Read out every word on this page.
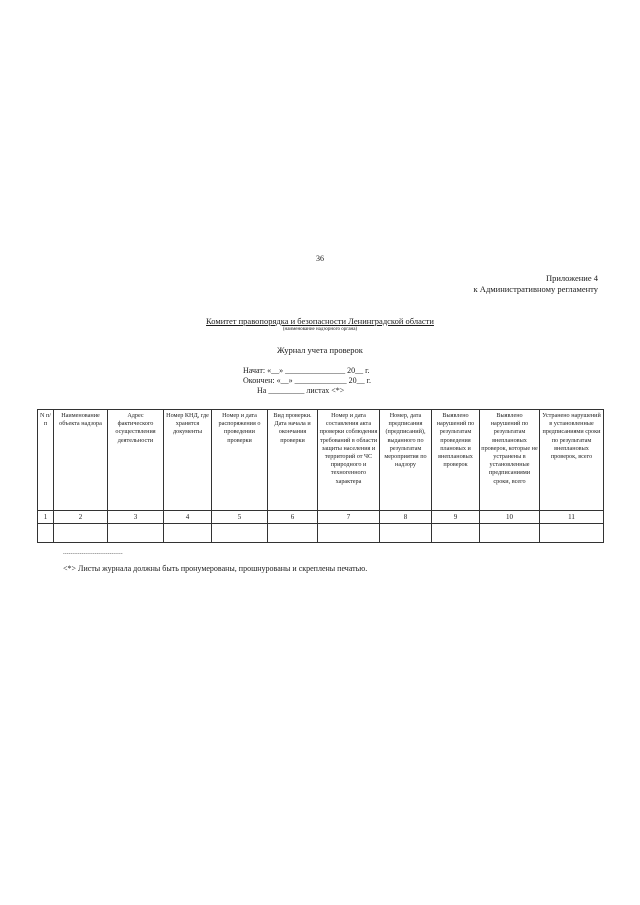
36
Приложение 4
к Административному регламенту
Комитет правопорядка и безопасности Ленинградской области
(наименование надзорного органа)
Журнал учета проверок
Начат: «__» _______________ 20__ г.
Окончен: «__» _____________ 20__ г.
На _________ листах <*>
N п/п	Наименование объекта надзора	Адрес фактического осуществления деятельности	Номер КНД, где хранятся документы	Номер и дата распоряжения о проведении проверки	Вид проверки. Дата начала и окончания проверки	Номер и дата составления акта проверки соблюдения требований в области защиты населения и территорий от ЧС природного и техногенного характера	Номер, дата предписания (предписаний), выданного по результатам мероприятия по надзору	Выявлено нарушений по результатам проведения плановых и внеплановых проверок	Выявлено нарушений по результатам внеплановых проверок, которые не устранены в установленные предписаниями сроки, всего	Устранено нарушений в установленные предписаниями сроки по результатам внеплановых проверок, всего
1	2	3	4	5	6	7	8	9	10	11

--------------------------------
<*> Листы журнала должны быть пронумерованы, прошнурованы и скреплены печатью.
